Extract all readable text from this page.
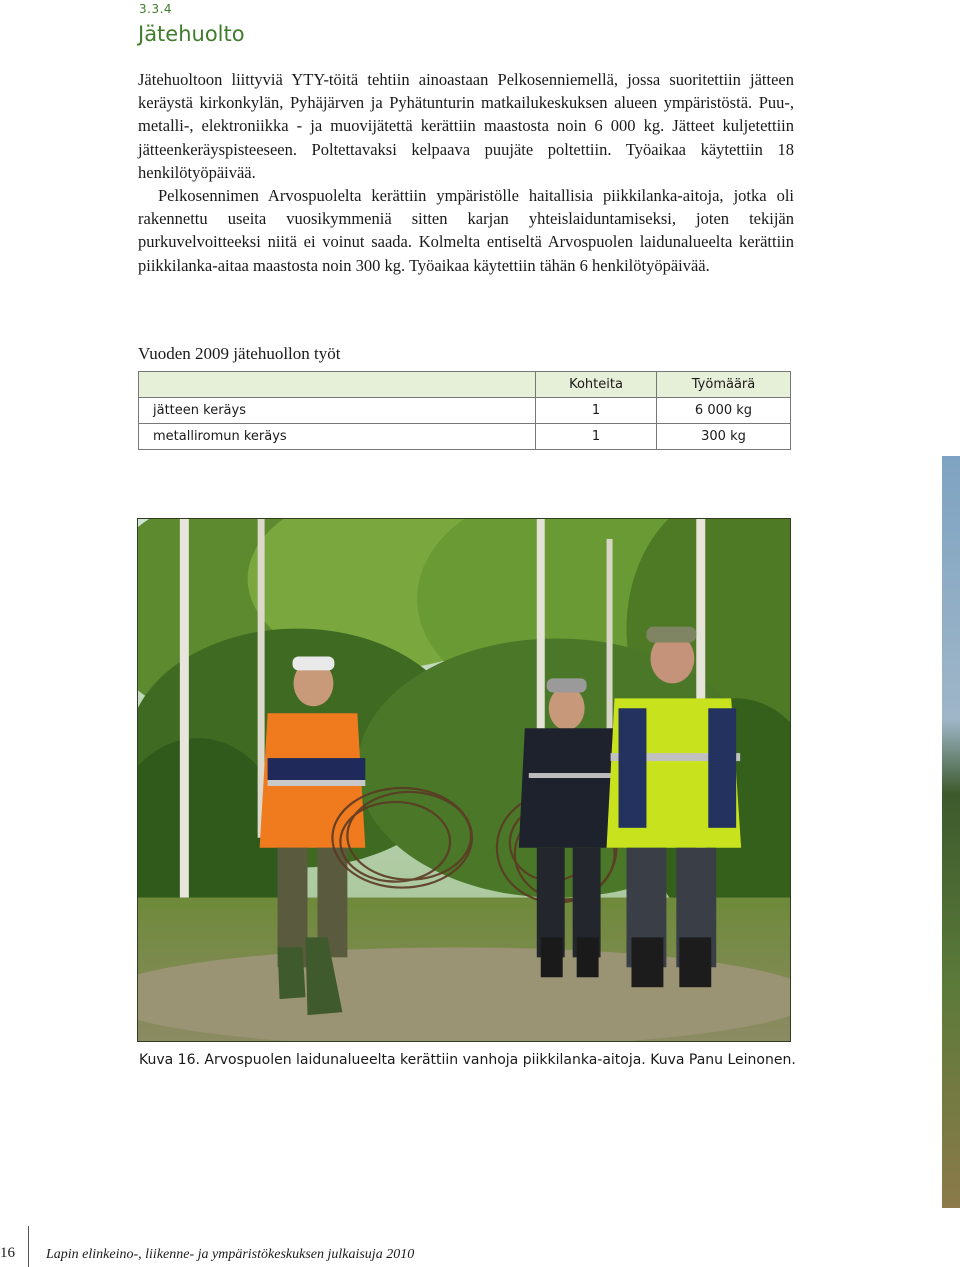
3.3.4
Jätehuolto

Jätehuoltoon liittyviä YTY-töitä tehtiin ainoastaan Pelkosenniemellä, jossa suoritettiin jätteen keräystä kirkonkylän, Pyhäjärven ja Pyhätunturin matkailukeskuksen alueen ympäristöstä. Puu-, metalli-, elektroniikka - ja muovijätettä kerättiin maastosta noin 6 000 kg. Jätteet kuljetettiin jätteenkeräyspisteeseen. Poltettavaksi kelpaava puujäte poltettiin. Työaikaa käytettiin 18 henkilötyöpäivää.

Pelkosennimen Arvospuolelta kerättiin ympäristölle haitallisia piikkilanka-aitoja, jotka oli rakennettu useita vuosikymmeniä sitten karjan yhteislaiduntamiseksi, joten tekijän purkuvelvoitteeksi niitä ei voinut saada. Kolmelta entiseltä Arvospuolen laidunalueelta kerättiin piikkilanka-aitaa maastosta noin 300 kg. Työaikaa käytettiin tähän 6 henkilötyöpäivää.

Vuoden 2009 jätehuollon työt
	Kohteita	Työmäärä
jätteen keräys	1	6 000 kg
metalliromun keräys	1	300 kg
Kuva 16. Arvospuolen laidunalueelta kerättiin vanhoja piikkilanka-aitoja. Kuva Panu Leinonen.
16 Lapin elinkeino-, liikenne- ja ympäristökeskuksen julkaisuja 2010
